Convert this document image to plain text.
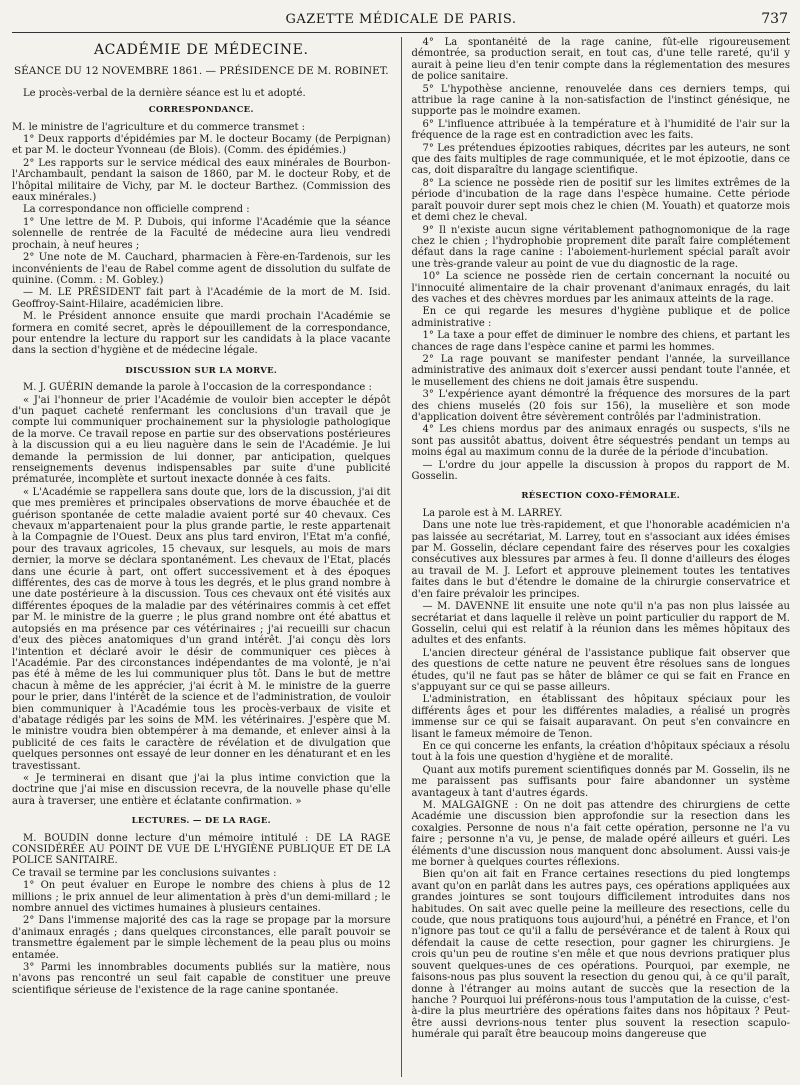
GAZETTE MÉDICALE DE PARIS.	737
ACADÉMIE DE MÉDECINE.
SÉANCE DU 12 NOVEMBRE 1861. — PRÉSIDENCE DE M. ROBINET.

Le procès-verbal de la dernière séance est lu et adopté.

CORRESPONDANCE.

M. le ministre de l'agriculture et du commerce transmet :

1° Deux rapports d'épidémies par M. le docteur Bocamy (de Perpignan) et par M. le docteur Yvonneau (de Blois). (Comm. des épidémies.)

2° Les rapports sur le service médical des eaux minérales de Bourbon-l'Archambault, pendant la saison de 1860, par M. le docteur Roby, et de l'hôpital militaire de Vichy, par M. le docteur Barthez. (Commission des eaux minérales.)

La correspondance non officielle comprend :

1° Une lettre de M. P. Dubois, qui informe l'Académie que la séance solennelle de rentrée de la Faculté de médecine aura lieu vendredi prochain, à neuf heures ;

2° Une note de M. Cauchard, pharmacien à Fère-en-Tardenois, sur les inconvénients de l'eau de Rabel comme agent de dissolution du sulfate de quinine. (Comm. : M. Gobley.)

— M. LE PRÉSIDENT fait part à l'Académie de la mort de M. Isid. Geoffroy-Saint-Hilaire, académicien libre.

M. le Président annonce ensuite que mardi prochain l'Académie se formera en comité secret, après le dépouillement de la correspondance, pour entendre la lecture du rapport sur les candidats à la place vacante dans la section d'hygiène et de médecine légale.

DISCUSSION SUR LA MORVE.

M. J. GUÉRIN demande la parole à l'occasion de la correspondance :

« J'ai l'honneur de prier l'Académie de vouloir bien accepter le dépôt d'un paquet cacheté renfermant les conclusions d'un travail que je compte lui communiquer prochainement sur la physiologie pathologique de la morve. Ce travail repose en partie sur des observations postérieures à la discussion qui a eu lieu naguère dans le sein de l'Académie. Je lui demande la permission de lui donner, par anticipation, quelques renseignements devenus indispensables par suite d'une publicité prématurée, incomplète et surtout inexacte donnée à ces faits.

« L'Académie se rappellera sans doute que, lors de la discussion, j'ai dit que mes premières et principales observations de morve ébauchée et de guérison spontanée de cette maladie avaient porté sur 40 chevaux. Ces chevaux m'appartenaient pour la plus grande partie, le reste appartenait à la Compagnie de l'Ouest. Deux ans plus tard environ, l'Etat m'a confié, pour des travaux agricoles, 15 chevaux, sur lesquels, au mois de mars dernier, la morve se déclara spontanément. Les chevaux de l'Etat, placés dans une écurie à part, ont offert successivement et à des époques différentes, des cas de morve à tous les degrés, et le plus grand nombre à une date postérieure à la discussion. Tous ces chevaux ont été visités aux différentes époques de la maladie par des vétérinaires commis à cet effet par M. le ministre de la guerre ; le plus grand nombre ont été abattus et autopsiés en ma présence par ces vétérinaires ; j'ai recueilli sur chacun d'eux des pièces anatomiques d'un grand intérêt. J'ai conçu dès lors l'intention et déclaré avoir le désir de communiquer ces pièces à l'Académie. Par des circonstances indépendantes de ma volonté, je n'ai pas été à même de les lui communiquer plus tôt. Dans le but de mettre chacun à même de les apprécier, j'ai écrit à M. le ministre de la guerre pour le prier, dans l'intérêt de la science et de l'administration, de vouloir bien communiquer à l'Académie tous les procès-verbaux de visite et d'abatage rédigés par les soins de MM. les vétérinaires. J'espère que M. le ministre voudra bien obtempérer à ma demande, et enlever ainsi à la publicité de ces faits le caractère de révélation et de divulgation que quelques personnes ont essayé de leur donner en les dénaturant et en les travestissant.

« Je terminerai en disant que j'ai la plus intime conviction que la doctrine que j'ai mise en discussion recevra, de la nouvelle phase qu'elle aura à traverser, une entière et éclatante confirmation. »

LECTURES. — DE LA RAGE.

M. BOUDIN donne lecture d'un mémoire intitulé : DE LA RAGE CONSIDÉRÉE AU POINT DE VUE DE L'HYGIÈNE PUBLIQUE ET DE LA POLICE SANITAIRE.

Ce travail se termine par les conclusions suivantes :

1° On peut évaluer en Europe le nombre des chiens à plus de 12 millions ; le prix annuel de leur alimentation à près d'un demi-millard ; le nombre annuel des victimes humaines à plusieurs centaines.

2° Dans l'immense majorité des cas la rage se propage par la morsure d'animaux enragés ; dans quelques circonstances, elle paraît pouvoir se transmettre également par le simple lèchement de la peau plus ou moins entamée.

3° Parmi les innombrables documents publiés sur la matière, nous n'avons pas rencontré un seul fait capable de constituer une preuve scientifique sérieuse de l'existence de la rage canine spontanée.

4° La spontanéité de la rage canine, fût-elle rigoureusement démontrée, sa production serait, en tout cas, d'une telle rareté, qu'il y aurait à peine lieu d'en tenir compte dans la réglementation des mesures de police sanitaire.

5° L'hypothèse ancienne, renouvelée dans ces derniers temps, qui attribue la rage canine à la non-satisfaction de l'instinct génésique, ne supporte pas le moindre examen.

6° L'influence attribuée à la température et à l'humidité de l'air sur la fréquence de la rage est en contradiction avec les faits.

7° Les prétendues épizooties rabiques, décrites par les auteurs, ne sont que des faits multiples de rage communiquée, et le mot épizootie, dans ce cas, doit disparaître du langage scientifique.

8° La science ne possède rien de positif sur les limites extrêmes de la période d'incubation de la rage dans l'espèce humaine. Cette période paraît pouvoir durer sept mois chez le chien (M. Youath) et quatorze mois et demi chez le cheval.

9° Il n'existe aucun signe véritablement pathognomonique de la rage chez le chien ; l'hydrophobie proprement dite paraît faire complétement défaut dans la rage canine : l'aboiement-hurlement spécial paraît avoir une très-grande valeur au point de vue du diagnostic de la rage.

10° La science ne possède rien de certain concernant la nocuité ou l'innocuité alimentaire de la chair provenant d'animaux enragés, du lait des vaches et des chèvres mordues par les animaux atteints de la rage.

En ce qui regarde les mesures d'hygiène publique et de police administrative :

1° La taxe a pour effet de diminuer le nombre des chiens, et partant les chances de rage dans l'espèce canine et parmi les hommes.

2° La rage pouvant se manifester pendant l'année, la surveillance administrative des animaux doit s'exercer aussi pendant toute l'année, et le musellement des chiens ne doit jamais être suspendu.

3° L'expérience ayant démontré la fréquence des morsures de la part des chiens muselés (20 fois sur 156), la muselière et son mode d'application doivent être sévèrement contrôlés par l'administration.

4° Les chiens mordus par des animaux enragés ou suspects, s'ils ne sont pas aussitôt abattus, doivent être séquestrés pendant un temps au moins égal au maximum connu de la durée de la période d'incubation.

— L'ordre du jour appelle la discussion à propos du rapport de M. Gosselin.

RÉSECTION COXO-FÉMORALE.

La parole est à M. LARREY.

Dans une note lue très-rapidement, et que l'honorable académicien n'a pas laissée au secrétariat, M. Larrey, tout en s'associant aux idées émises par M. Gosselin, déclare cependant faire des réserves pour les coxalgies consécutives aux blessures par armes à feu. Il donne d'ailleurs des éloges au travail de M. J. Lefort et approuve pleinement toutes les tentatives faites dans le but d'étendre le domaine de la chirurgie conservatrice et d'en faire prévaloir les principes.

— M. DAVENNE lit ensuite une note qu'il n'a pas non plus laissée au secrétariat et dans laquelle il relève un point particulier du rapport de M. Gosselin, celui qui est relatif à la réunion dans les mêmes hôpitaux des adultes et des enfants.

L'ancien directeur général de l'assistance publique fait observer que des questions de cette nature ne peuvent être résolues sans de longues études, qu'il ne faut pas se hâter de blâmer ce qui se fait en France en s'appuyant sur ce qui se passe ailleurs.

L'administration, en établissant des hôpitaux spéciaux pour les différents âges et pour les différentes maladies, a réalisé un progrès immense sur ce qui se faisait auparavant. On peut s'en convaincre en lisant le fameux mémoire de Tenon.

En ce qui concerne les enfants, la création d'hôpitaux spéciaux a résolu tout à la fois une question d'hygiène et de moralité.

Quant aux motifs purement scientifiques donnés par M. Gosselin, ils ne me paraissent pas suffisants pour faire abandonner un système avantageux à tant d'autres égards.

M. MALGAIGNE : On ne doit pas attendre des chirurgiens de cette Académie une discussion bien approfondie sur la resection dans les coxalgies. Personne de nous n'a fait cette opération, personne ne l'a vu faire ; personne n'a vu, je pense, de malade opéré ailleurs et guéri. Les éléments d'une discussion nous manquent donc absolument. Aussi vais-je me borner à quelques courtes réflexions.

Bien qu'on ait fait en France certaines resections du pied longtemps avant qu'on en parlât dans les autres pays, ces opérations appliquées aux grandes jointures se sont toujours difficilement introduites dans nos habitudes. On sait avec quelle peine la meilleure des resections, celle du coude, que nous pratiquons tous aujourd'hui, a pénétré en France, et l'on n'ignore pas tout ce qu'il a fallu de persévérance et de talent à Roux qui défendait la cause de cette resection, pour gagner les chirurgiens. Je crois qu'un peu de routine s'en mêle et que nous devrions pratiquer plus souvent quelques-unes de ces opérations. Pourquoi, par exemple, ne faisons-nous pas plus souvent la resection du genou qui, à ce qu'il paraît, donne à l'étranger au moins autant de succès que la resection de la hanche ? Pourquoi lui préférons-nous tous l'amputation de la cuisse, c'est-à-dire la plus meurtrière des opérations faites dans nos hôpitaux ? Peut-être aussi devrions-nous tenter plus souvent la resection scapulo-humérale qui paraît être beaucoup moins dangereuse que
